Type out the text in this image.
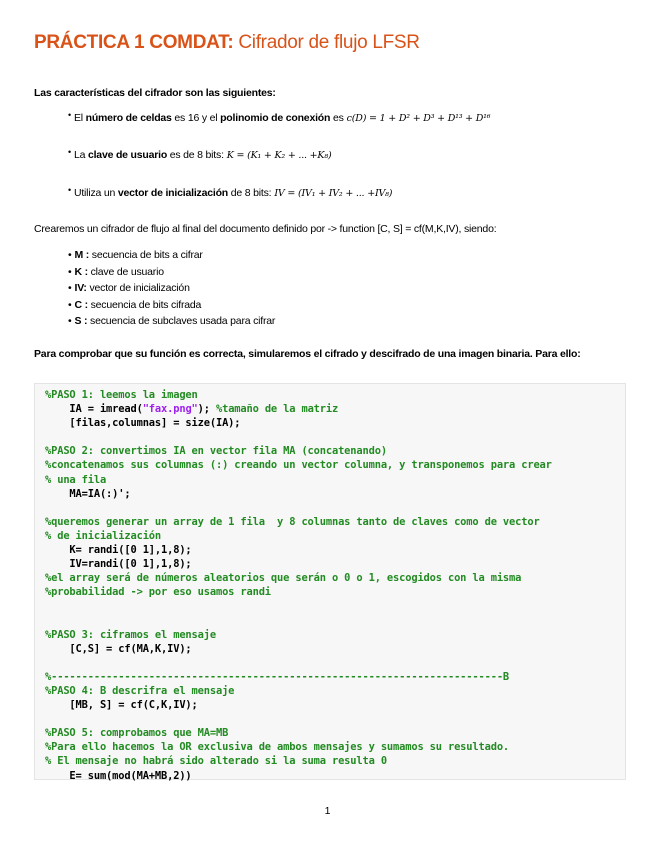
PRÁCTICA 1 COMDAT: Cifrador de flujo LFSR
Las características del cifrador son las siguientes:
• El número de celdas es 16 y el polinomio de conexión es c(D) = 1 + D² + D³ + D¹³ + D¹⁶
• La clave de usuario es de 8 bits: K = (K₁ + K₂ + ... +K₈)
• Utiliza un vector de inicialización de 8 bits: IV = (IV₁ + IV₂ + ... +IV₈)
Crearemos un cifrador de flujo al final del documento definido por -> function [C, S] = cf(M,K,IV), siendo:
• M : secuencia de bits a cifrar
• K : clave de usuario
• IV: vector de inicialización
• C : secuencia de bits cifrada
• S : secuencia de subclaves usada para cifrar
Para comprobar que su función es correcta, simularemos el cifrado y descifrado de una imagen binaria. Para ello:
%PASO 1: leemos la imagen
IA = imread("fax.png"); %tamaño de la matriz
[filas,columnas] = size(IA);

%PASO 2: convertimos IA en vector fila MA (concatenando)
%concatenamos sus columnas (:) creando un vector columna, y transponemos para crear
% una fila
MA=IA(:)';

%queremos generar un array de 1 fila  y 8 columnas tanto de claves como de vector
% de inicialización
K= randi([0 1],1,8);
IV=randi([0 1],1,8);
%el array será de números aleatorios que serán o 0 o 1, escogidos con la misma
%probabilidad -> por eso usamos randi

%PASO 3: ciframos el mensaje
[C,S] = cf(MA,K,IV);

%--------------------------------------------------------------------------B
%PASO 4: B descrifra el mensaje
[MB, S] = cf(C,K,IV);

%PASO 5: comprobamos que MA=MB
%Para ello hacemos la OR exclusiva de ambos mensajes y sumamos su resultado.
% El mensaje no habrá sido alterado si la suma resulta 0
E= sum(mod(MA+MB,2))
1
